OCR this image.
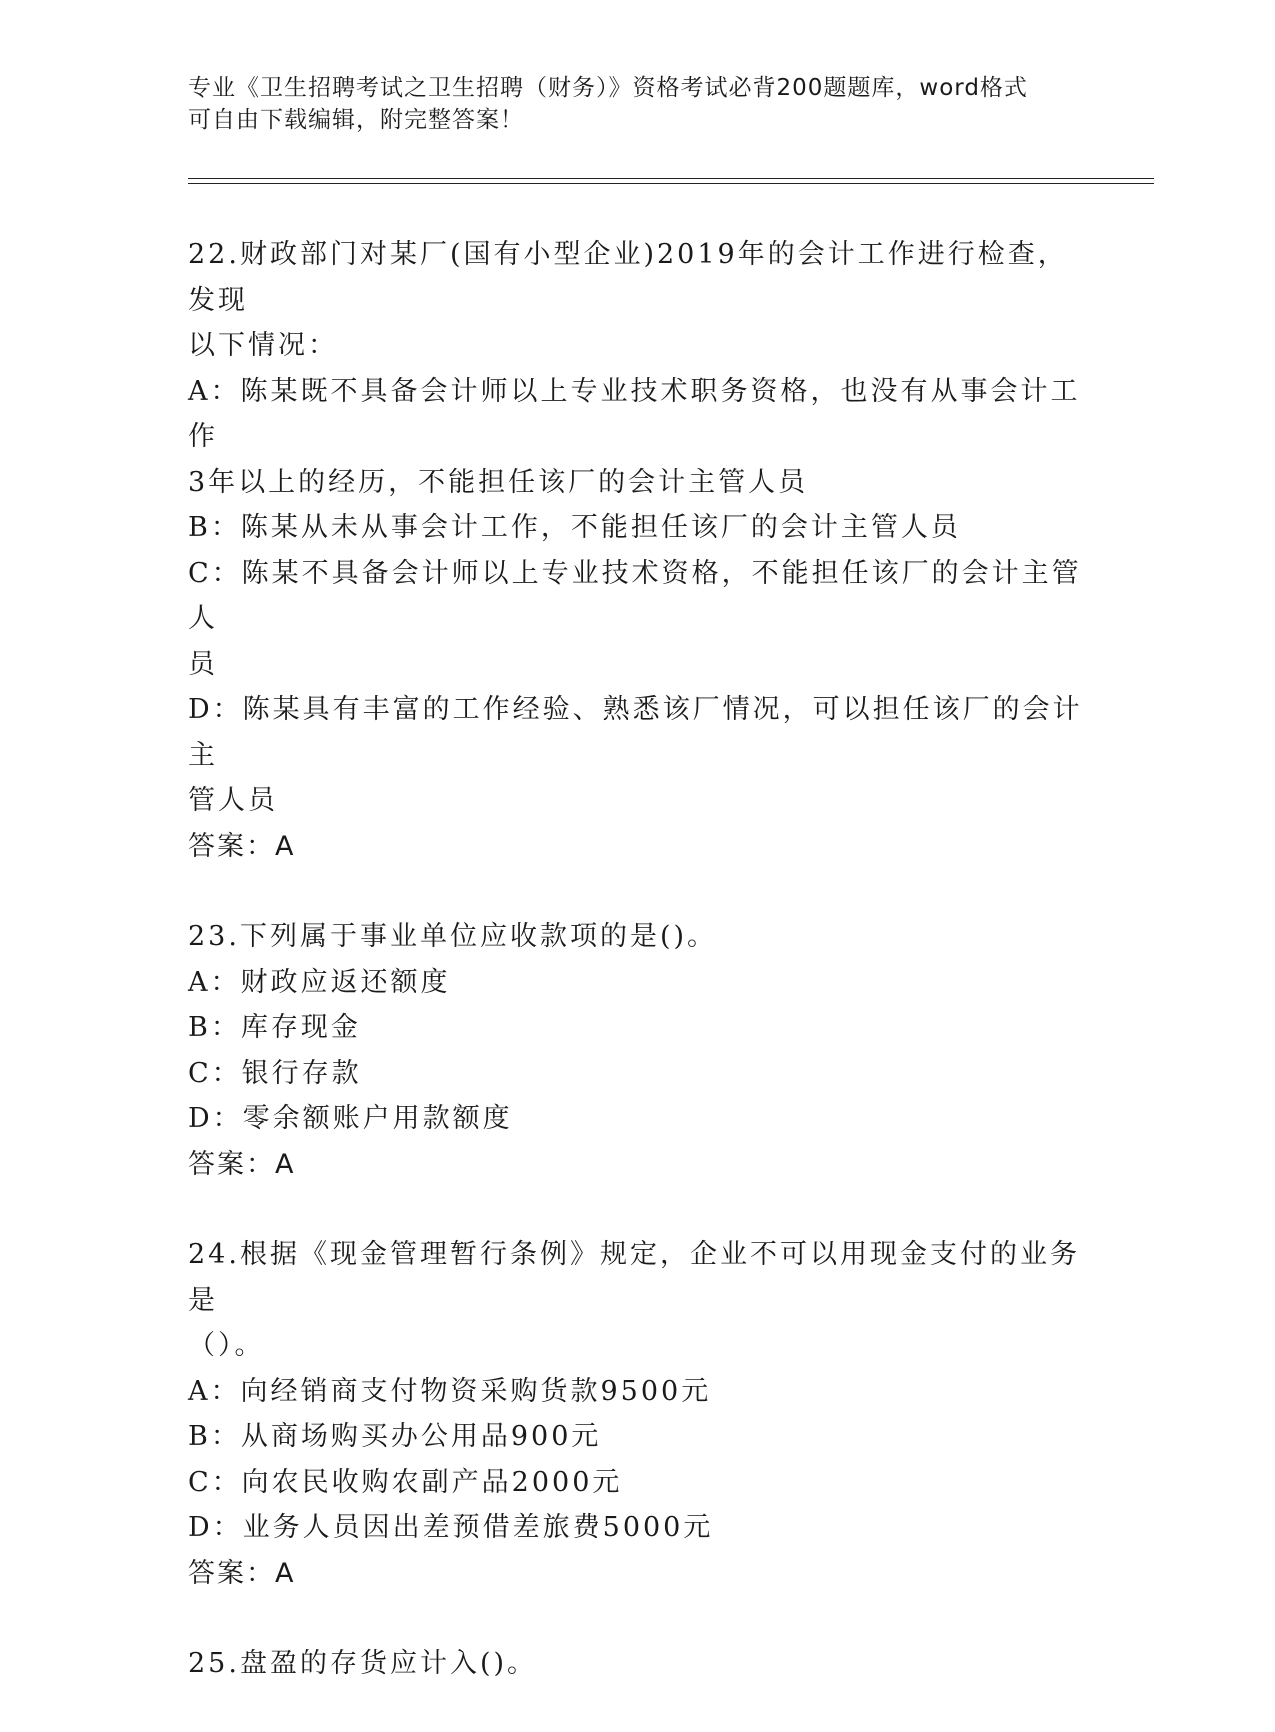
专业《卫生招聘考试之卫生招聘（财务）》资格考试必背200题题库，word格式
可自由下载编辑，附完整答案！

22.财政部门对某厂(国有小型企业)2019年的会计工作进行检查，发现

以下情况：

A：陈某既不具备会计师以上专业技术职务资格，也没有从事会计工作

3年以上的经历，不能担任该厂的会计主管人员

B：陈某从未从事会计工作，不能担任该厂的会计主管人员

C：陈某不具备会计师以上专业技术资格，不能担任该厂的会计主管人

员

D：陈某具有丰富的工作经验、熟悉该厂情况，可以担任该厂的会计主

管人员

答案：A

23.下列属于事业单位应收款项的是()。

A：财政应返还额度

B：库存现金

C：银行存款

D：零余额账户用款额度

答案：A

24.根据《现金管理暂行条例》规定，企业不可以用现金支付的业务是

（）。

A：向经销商支付物资采购货款9500元

B：从商场购买办公用品900元

C：向农民收购农副产品2000元

D：业务人员因出差预借差旅费5000元

答案：A

25.盘盈的存货应计入()。
